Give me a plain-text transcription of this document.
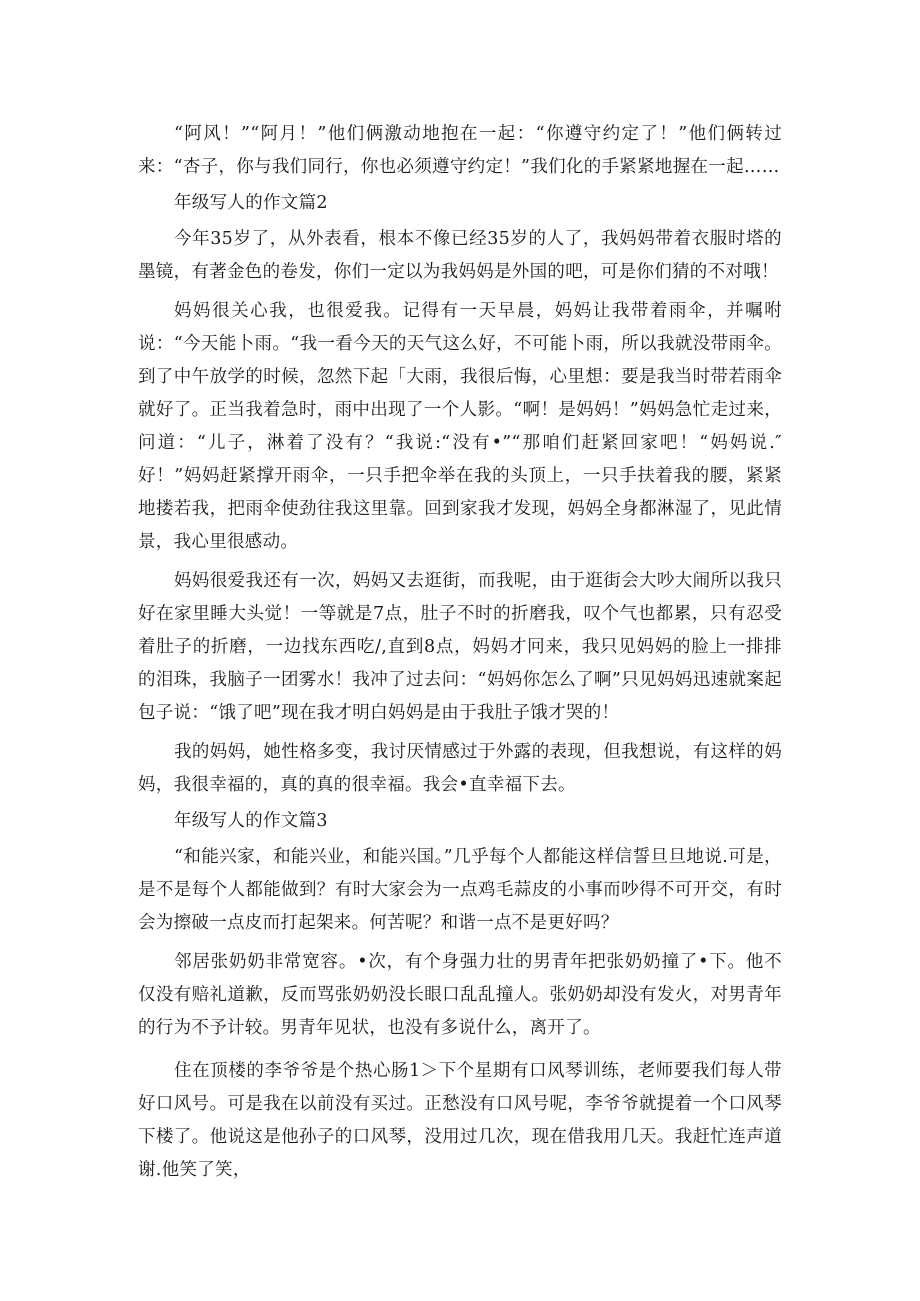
“阿风！”“阿月！”他们俩激动地抱在一起：“你遵守约定了！”他们俩转过来：“杏子，你与我们同行，你也必须遵守约定！”我们化的手紧紧地握在一起……

年级写人的作文篇2

今年35岁了，从外表看，根本不像已经35岁的人了，我妈妈带着衣服时塔的墨镜，有著金色的卷发，你们一定以为我妈妈是外国的吧，可是你们猜的不对哦！

妈妈很关心我，也很爱我。记得有一天早晨，妈妈让我带着雨伞，并嘱咐说：“今天能卜雨。“我一看今天的天气这么好，不可能卜雨，所以我就没带雨伞。到了中午放学的时候，忽然下起「大雨，我很后悔，心里想：要是我当时带若雨伞就好了。正当我着急时，雨中出现了一个人影。“啊！是妈妈！”妈妈急忙走过来，问道：“儿子，淋着了没有？“我说:“没有•”“那咱们赶紧回家吧！“妈妈说.″好！”妈妈赶紧撑开雨伞，一只手把伞举在我的头顶上，一只手扶着我的腰，紧紧地搂若我，把雨伞使劲往我这里靠。回到家我才发现，妈妈全身都淋湿了，见此情景，我心里很感动。

妈妈很爱我还有一次，妈妈又去逛街，而我呢，由于逛街会大吵大闹所以我只好在家里睡大头觉！一等就是7点，肚子不时的折磨我，叹个气也都累，只有忍受着肚子的折磨，一边找东西吃/,直到8点，妈妈才冋来，我只见妈妈的脸上一排排的泪珠，我脑子一团雾水！我冲了过去问：“妈妈你怎么了啊”只见妈妈迅速就案起包子说：“饿了吧”现在我才明白妈妈是由于我肚子饿才哭的！

我的妈妈，她性格多变，我讨厌情感过于外露的表现，但我想说，有这样的妈妈，我很幸福的，真的真的很幸福。我会•直幸福下去。

年级写人的作文篇3

“和能兴家，和能兴业，和能兴国。”几乎每个人都能这样信誓旦旦地说.可是，是不是每个人都能做到？有时大家会为一点鸡毛蒜皮的小事而吵得不可开交，有时会为擦破一点皮而打起架来。何苦呢？和谐一点不是更好吗？

邻居张奶奶非常宽容。•次，有个身强力壮的男青年把张奶奶撞了•下。他不仅没有赔礼道歉，反而骂张奶奶没长眼口乱乱撞人。张奶奶却没有发火，对男青年的行为不予计较。男青年见状，也没有多说什么，离开了。

住在顶楼的李爷爷是个热心肠1＞下个星期有口风琴训练，老师要我们每人带好口风号。可是我在以前没有买过。正愁没有口风号呢，李爷爷就提着一个口风琴下楼了。他说这是他孙子的口风琴，没用过几次，现在借我用几天。我赶忙连声道谢.他笑了笑，
